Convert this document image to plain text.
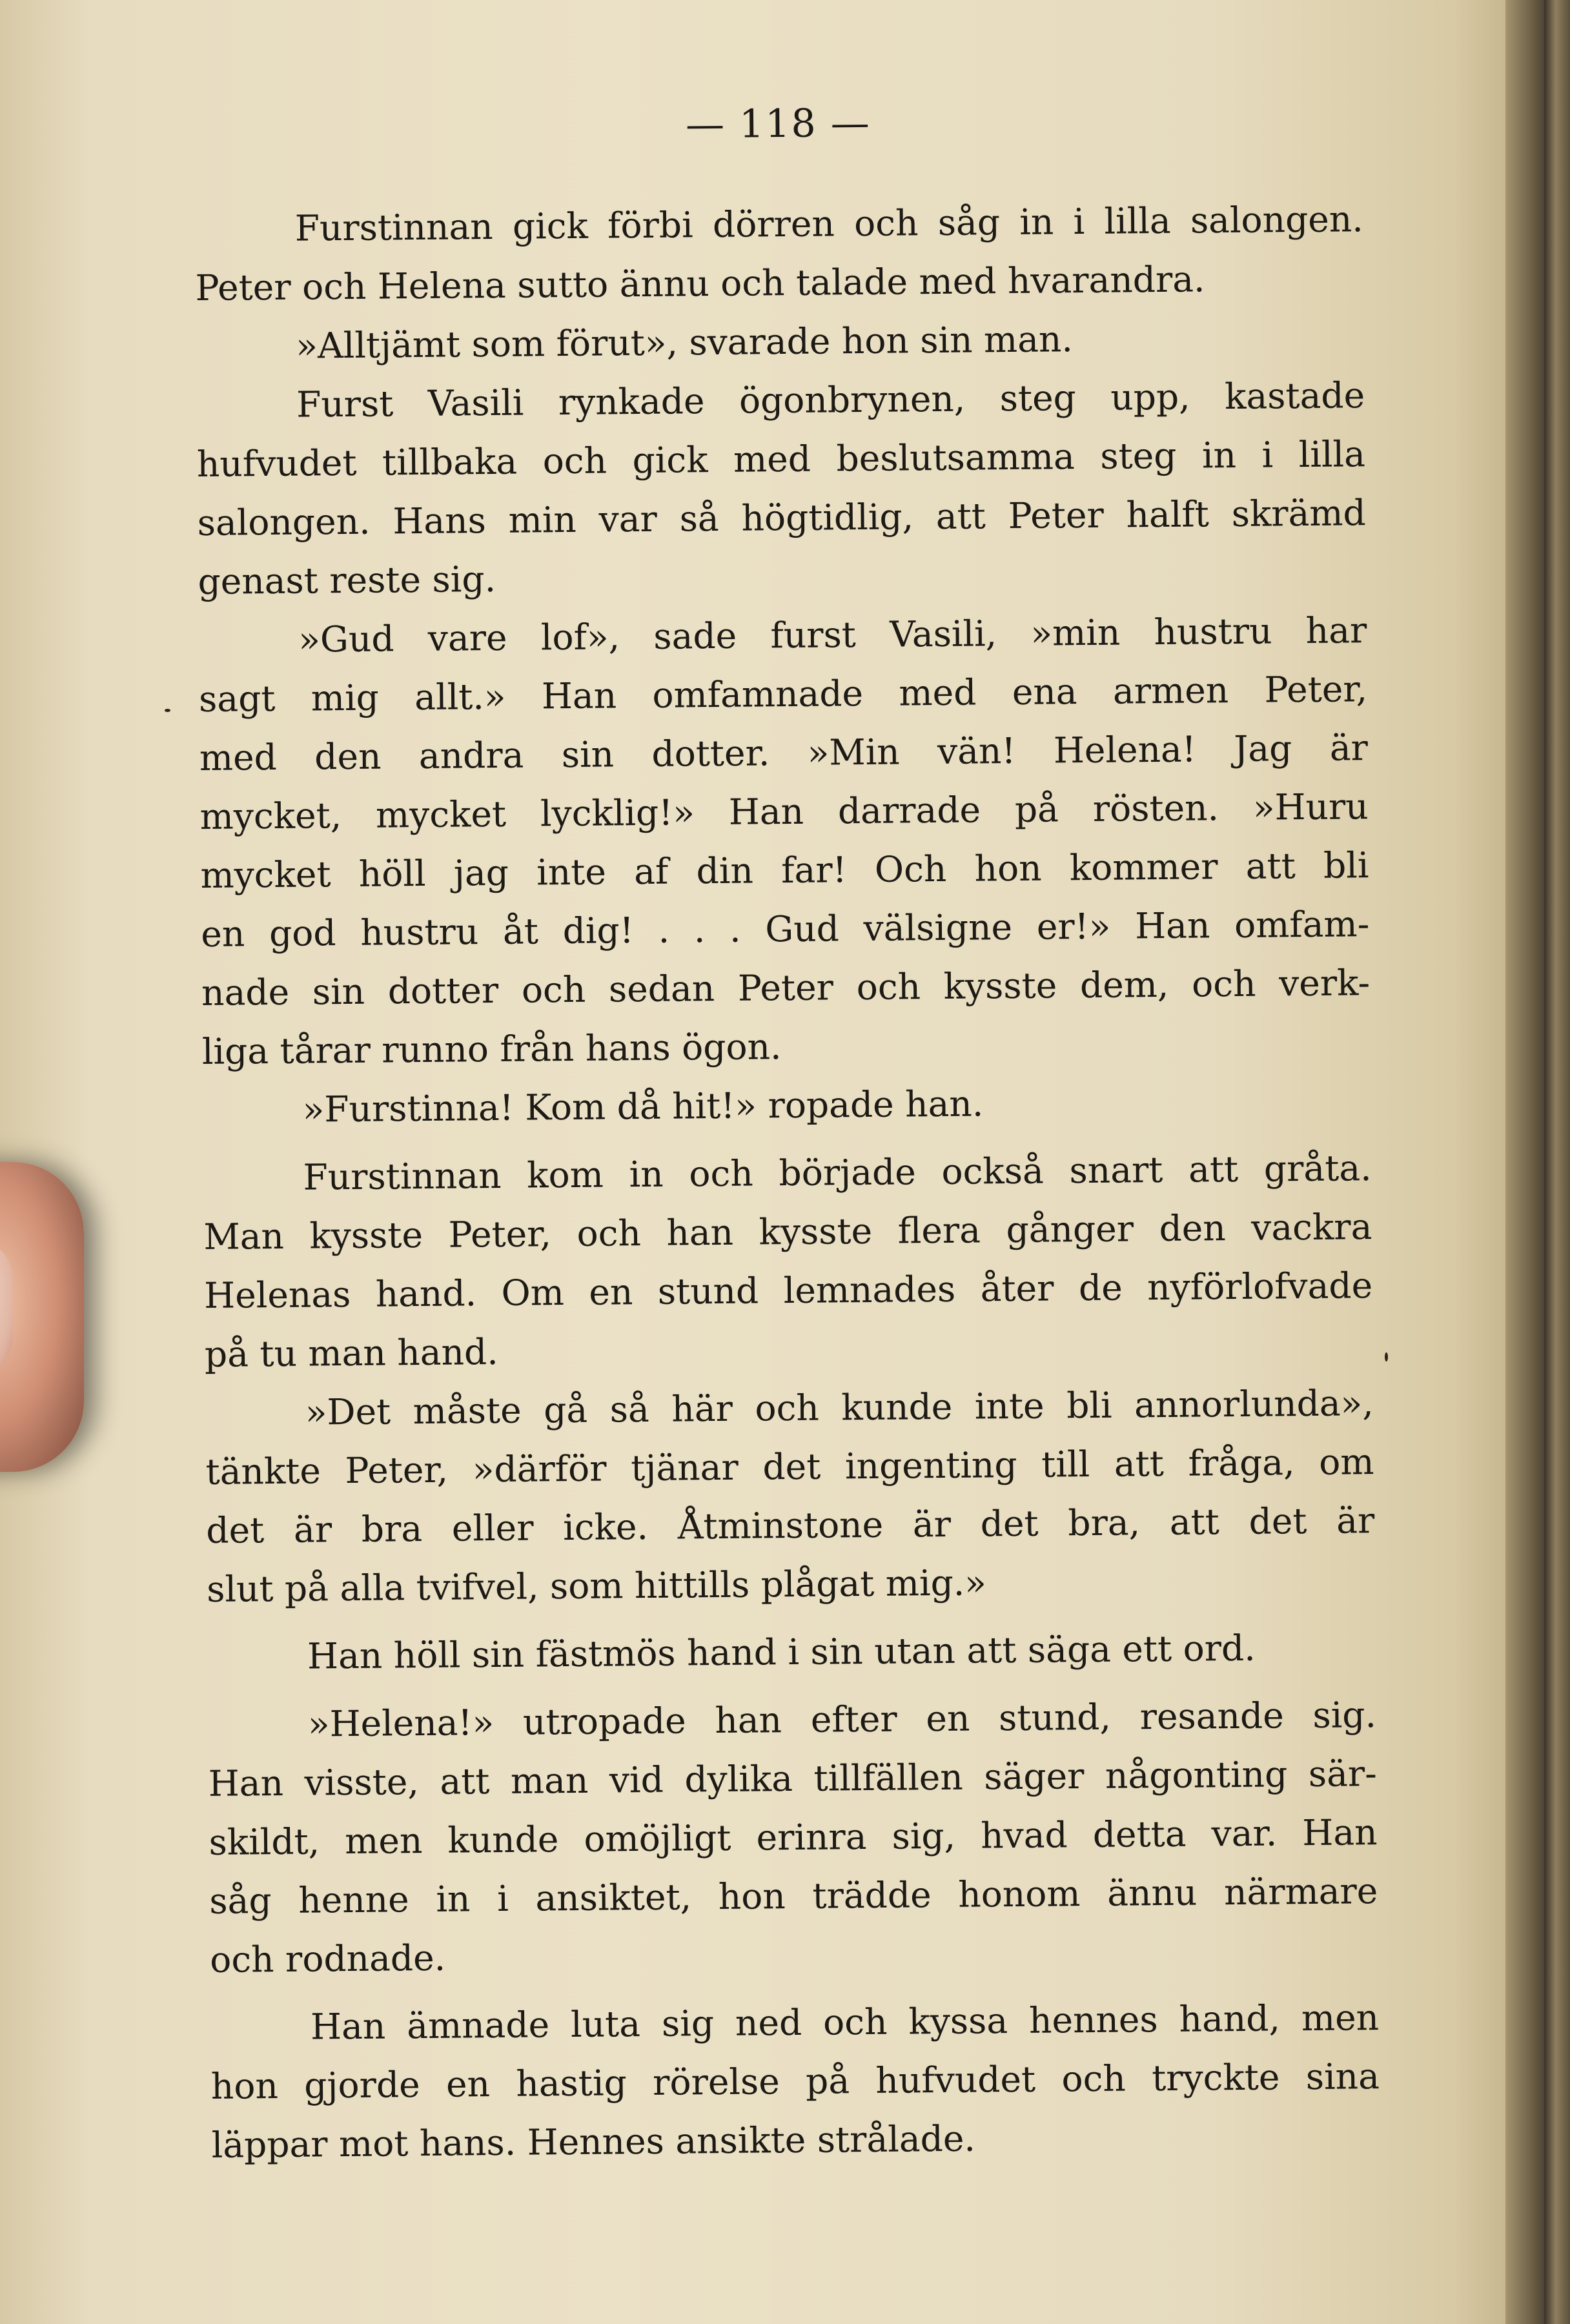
— 118 —
Furstinnan gick förbi dörren och såg in i lilla salongen.
Peter och Helena sutto ännu och talade med hvarandra.
»Alltjämt som förut», svarade hon sin man.
Furst Vasili rynkade ögonbrynen, steg upp, kastade
hufvudet tillbaka och gick med beslutsamma steg in i lilla
salongen. Hans min var så högtidlig, att Peter halft skrämd
genast reste sig.
»Gud vare lof», sade furst Vasili, »min hustru har
sagt mig allt.» Han omfamnade med ena armen Peter,
med den andra sin dotter. »Min vän! Helena! Jag är
mycket, mycket lycklig!» Han darrade på rösten. »Huru
mycket höll jag inte af din far! Och hon kommer att bli
en god hustru åt dig! . . . Gud välsigne er!» Han omfam-
nade sin dotter och sedan Peter och kysste dem, och verk-
liga tårar runno från hans ögon.
»Furstinna! Kom då hit!» ropade han.
Furstinnan kom in och började också snart att gråta.
Man kysste Peter, och han kysste flera gånger den vackra
Helenas hand. Om en stund lemnades åter de nyförlofvade
på tu man hand.
»Det måste gå så här och kunde inte bli annorlunda»,
tänkte Peter, »därför tjänar det ingenting till att fråga, om
det är bra eller icke. Åtminstone är det bra, att det är
slut på alla tvifvel, som hittills plågat mig.»
Han höll sin fästmös hand i sin utan att säga ett ord.
»Helena!» utropade han efter en stund, resande sig.
Han visste, att man vid dylika tillfällen säger någonting sär-
skildt, men kunde omöjligt erinra sig, hvad detta var. Han
såg henne in i ansiktet, hon trädde honom ännu närmare
och rodnade.
Han ämnade luta sig ned och kyssa hennes hand, men
hon gjorde en hastig rörelse på hufvudet och tryckte sina
läppar mot hans. Hennes ansikte strålade.
